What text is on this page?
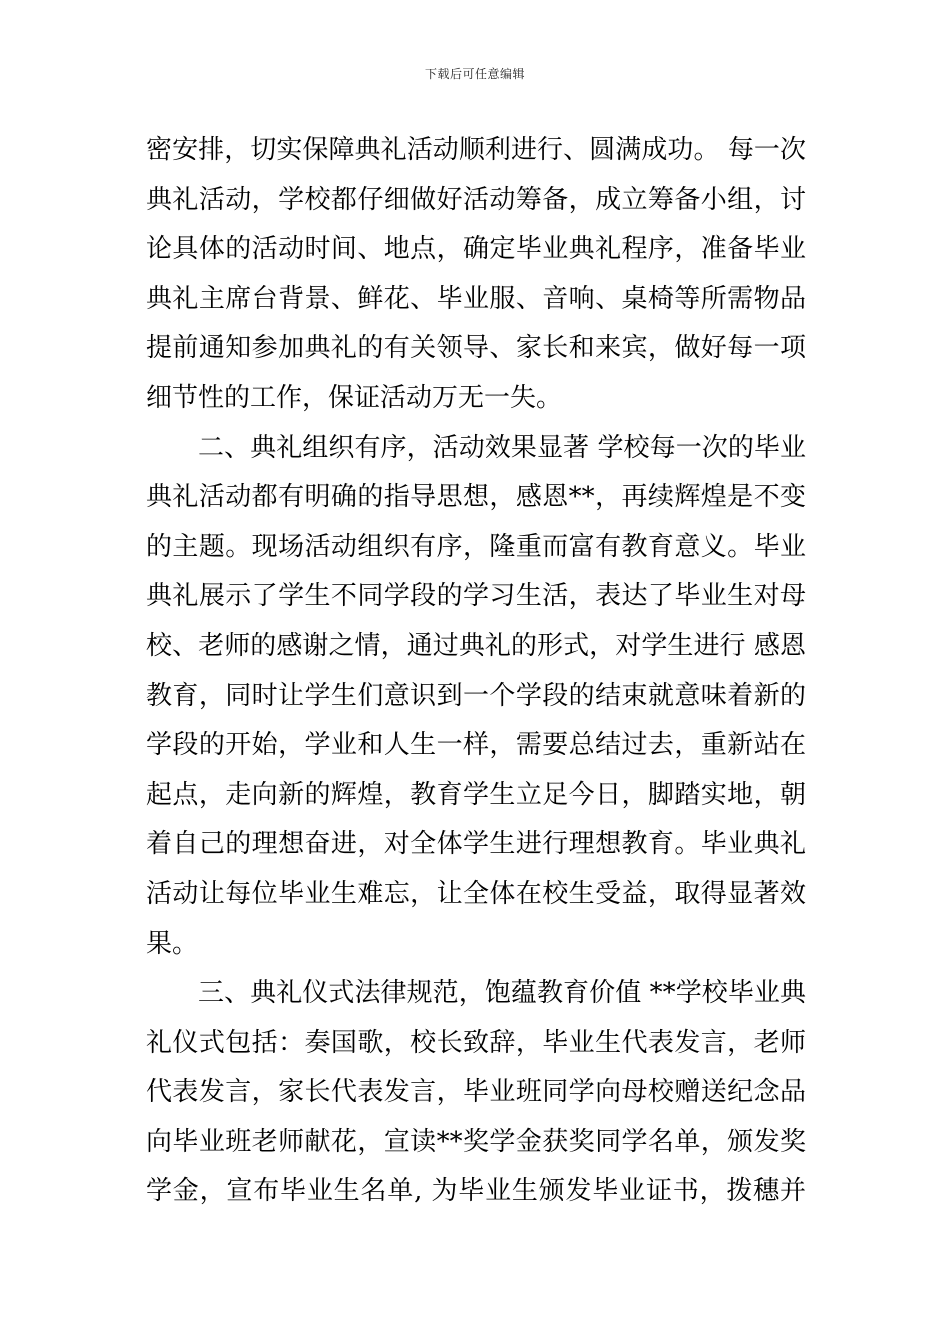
下载后可任意编辑
密安排，切实保障典礼活动顺利进行、圆满成功。 每一次
典礼活动，学校都仔细做好活动筹备，成立筹备小组，讨
论具体的活动时间、地点，确定毕业典礼程序，准备毕业
典礼主席台背景、鲜花、毕业服、音响、桌椅等所需物品
提前通知参加典礼的有关领导、家长和来宾，做好每一项
细节性的工作，保证活动万无一失。
二、典礼组织有序，活动效果显著 学校每一次的毕业
典礼活动都有明确的指导思想，感恩**，再续辉煌是不变
的主题。现场活动组织有序，隆重而富有教育意义。毕业
典礼展示了学生不同学段的学习生活，表达了毕业生对母
校、老师的感谢之情，通过典礼的形式，对学生进行 感恩
教育，同时让学生们意识到一个学段的结束就意味着新的
学段的开始，学业和人生一样，需要总结过去，重新站在
起点，走向新的辉煌，教育学生立足今日，脚踏实地，朝
着自己的理想奋进，对全体学生进行理想教育。毕业典礼
活动让每位毕业生难忘，让全体在校生受益，取得显著效
果。
三、典礼仪式法律规范，饱蕴教育价值 **学校毕业典
礼仪式包括：奏国歌，校长致辞，毕业生代表发言，老师
代表发言，家长代表发言，毕业班同学向母校赠送纪念品
向毕业班老师献花，宣读**奖学金获奖同学名单，颁发奖
学金，宣布毕业生名单, 为毕业生颁发毕业证书，拨穗并
